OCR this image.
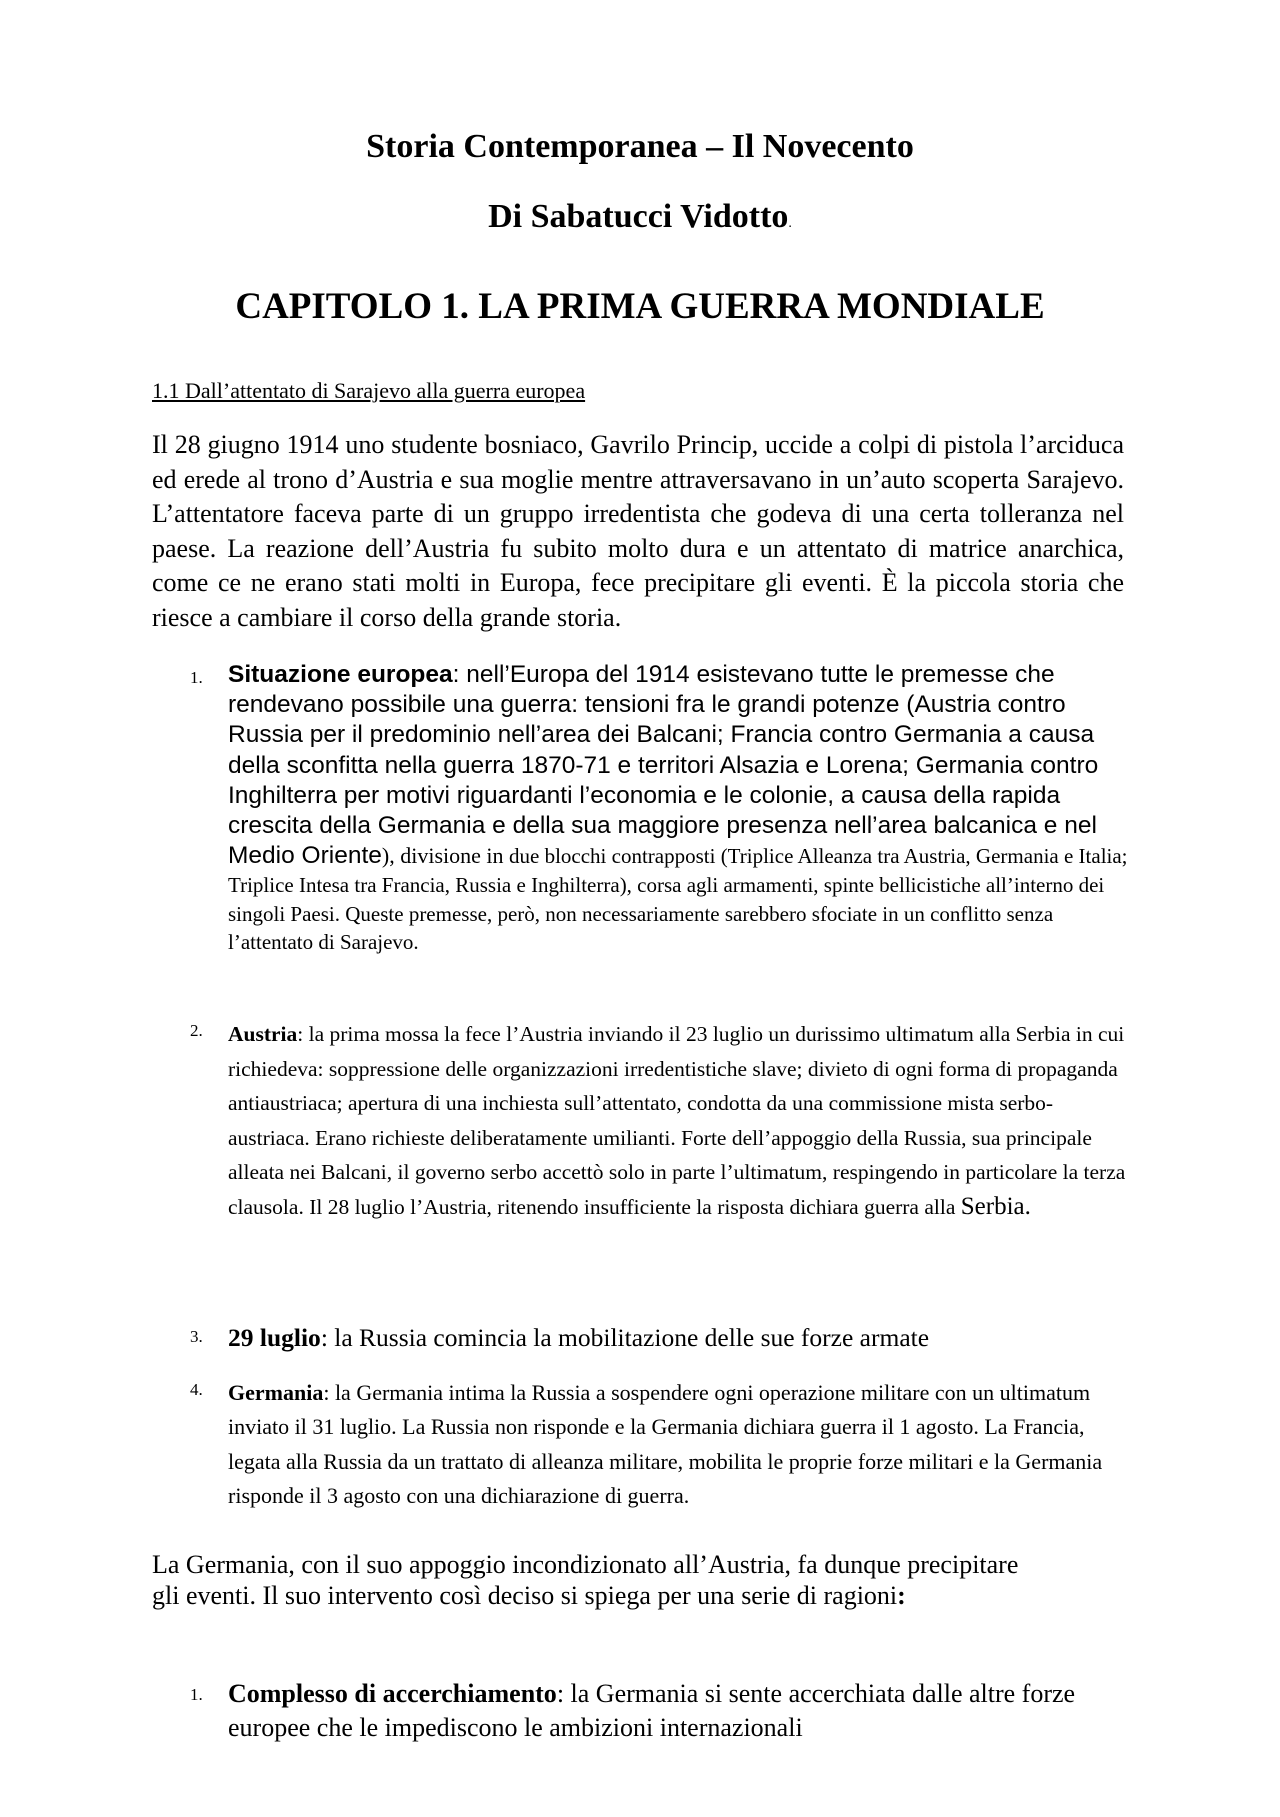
Storia Contemporanea – Il Novecento
Di Sabatucci Vidotto.
CAPITOLO 1. LA PRIMA GUERRA MONDIALE

1.1 Dall’attentato di Sarajevo alla guerra europea

Il 28 giugno 1914 uno studente bosniaco, Gavrilo Princip, uccide a colpi di pistola l’arciduca ed erede al trono d’Austria e sua moglie mentre attraversavano in un’auto scoperta Sarajevo. L’attentatore faceva parte di un gruppo irredentista che godeva di una certa tolleranza nel paese. La reazione dell’Austria fu subito molto dura e un attentato di matrice anarchica, come ce ne erano stati molti in Europa, fece precipitare gli eventi. È la piccola storia che riesce a cambiare il corso della grande storia.

1. Situazione europea: nell’Europa del 1914 esistevano tutte le premesse che rendevano possibile una guerra: tensioni fra le grandi potenze (Austria contro Russia per il predominio nell’area dei Balcani; Francia contro Germania a causa della sconfitta nella guerra 1870-71 e territori Alsazia e Lorena; Germania contro Inghilterra per motivi riguardanti l’economia e le colonie, a causa della rapida crescita della Germania e della sua maggiore presenza nell’area balcanica e nel Medio Oriente), divisione in due blocchi contrapposti (Triplice Alleanza tra Austria, Germania e Italia; Triplice Intesa tra Francia, Russia e Inghilterra), corsa agli armamenti, spinte bellicistiche all’interno dei singoli Paesi. Queste premesse, però, non necessariamente sarebbero sfociate in un conflitto senza l’attentato di Sarajevo.
2. Austria: la prima mossa la fece l’Austria inviando il 23 luglio un durissimo ultimatum alla Serbia in cui richiedeva: soppressione delle organizzazioni irredentistiche slave; divieto di ogni forma di propaganda antiaustriaca; apertura di una inchiesta sull’attentato, condotta da una commissione mista serbo-austriaca. Erano richieste deliberatamente umilianti. Forte dell’appoggio della Russia, sua principale alleata nei Balcani, il governo serbo accettò solo in parte l’ultimatum, respingendo in particolare la terza clausola. Il 28 luglio l’Austria, ritenendo insufficiente la risposta dichiara guerra alla Serbia.
3. 29 luglio: la Russia comincia la mobilitazione delle sue forze armate
4. Germania: la Germania intima la Russia a sospendere ogni operazione militare con un ultimatum inviato il 31 luglio. La Russia non risponde e la Germania dichiara guerra il 1 agosto. La Francia, legata alla Russia da un trattato di alleanza militare, mobilita le proprie forze militari e la Germania risponde il 3 agosto con una dichiarazione di guerra.

La Germania, con il suo appoggio incondizionato all’Austria, fa dunque precipitare gli eventi. Il suo intervento così deciso si spiega per una serie di ragioni:

1. Complesso di accerchiamento: la Germania si sente accerchiata dalle altre forze europee che le impediscono le ambizioni internazionali
